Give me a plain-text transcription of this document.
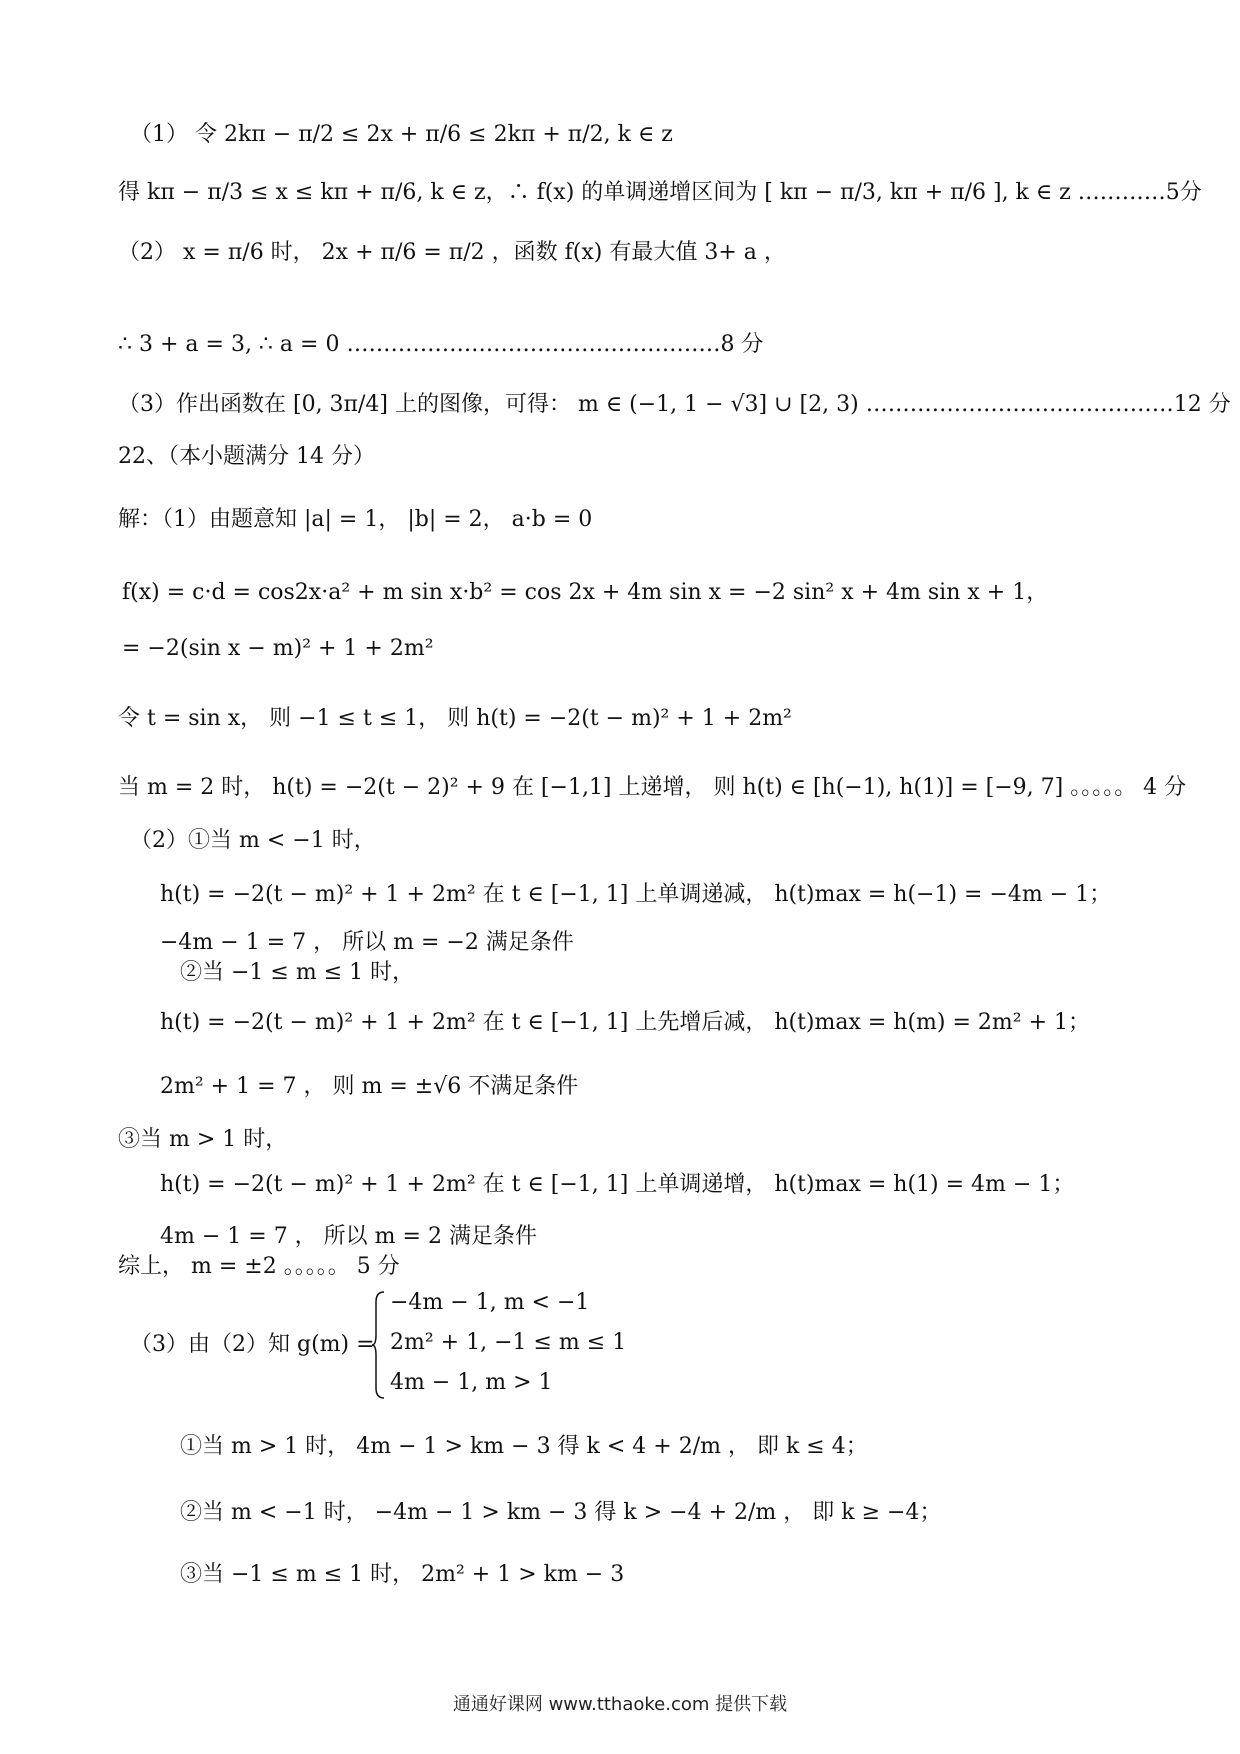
（1） 令 2kπ − π/2 ≤ 2x + π/6 ≤ 2kπ + π/2, k ∈ z
得 kπ − π/3 ≤ x ≤ kπ + π/6, k ∈ z，∴ f(x) 的单调递增区间为 [ kπ − π/3, kπ + π/6 ], k ∈ z …………5分
（2） x = π/6 时， 2x + π/6 = π/2 ，函数 f(x) 有最大值 3+ a ，
∴ 3 + a = 3, ∴ a = 0 ……………………………………………8 分
（3）作出函数在 [0, 3π/4] 上的图像，可得： m ∈ (−1, 1 − √3] ∪ [2, 3) ……………………………………12 分
22、（本小题满分 14 分）
解：（1）由题意知 |a| = 1， |b| = 2， a·b = 0
f(x) = c·d = cos2x·a² + m sin x·b² = cos 2x + 4m sin x = −2 sin² x + 4m sin x + 1，
= −2(sin x − m)² + 1 + 2m²
令 t = sin x， 则 −1 ≤ t ≤ 1， 则 h(t) = −2(t − m)² + 1 + 2m²
当 m = 2 时， h(t) = −2(t − 2)² + 9 在 [−1,1] 上递增， 则 h(t) ∈ [h(−1), h(1)] = [−9, 7] 。。。。。 4 分
（2）①当 m < −1 时，
h(t) = −2(t − m)² + 1 + 2m² 在 t ∈ [−1, 1] 上单调递减， h(t)max = h(−1) = −4m − 1；
−4m − 1 = 7 ， 所以 m = −2 满足条件
②当 −1 ≤ m ≤ 1 时，
h(t) = −2(t − m)² + 1 + 2m² 在 t ∈ [−1, 1] 上先增后减， h(t)max = h(m) = 2m² + 1；
2m² + 1 = 7 ， 则 m = ±√6 不满足条件
③当 m > 1 时，
h(t) = −2(t − m)² + 1 + 2m² 在 t ∈ [−1, 1] 上单调递增， h(t)max = h(1) = 4m − 1；
4m − 1 = 7 ， 所以 m = 2 满足条件
综上， m = ±2 。。。。。 5 分
（3）由（2）知 g(m) =
−4m − 1, m < −1
2m² + 1, −1 ≤ m ≤ 1
4m − 1, m > 1
①当 m > 1 时， 4m − 1 > km − 3 得 k < 4 + 2/m ， 即 k ≤ 4；
②当 m < −1 时， −4m − 1 > km − 3 得 k > −4 + 2/m ， 即 k ≥ −4；
③当 −1 ≤ m ≤ 1 时， 2m² + 1 > km − 3
通通好课网 www.tthaoke.com 提供下载
